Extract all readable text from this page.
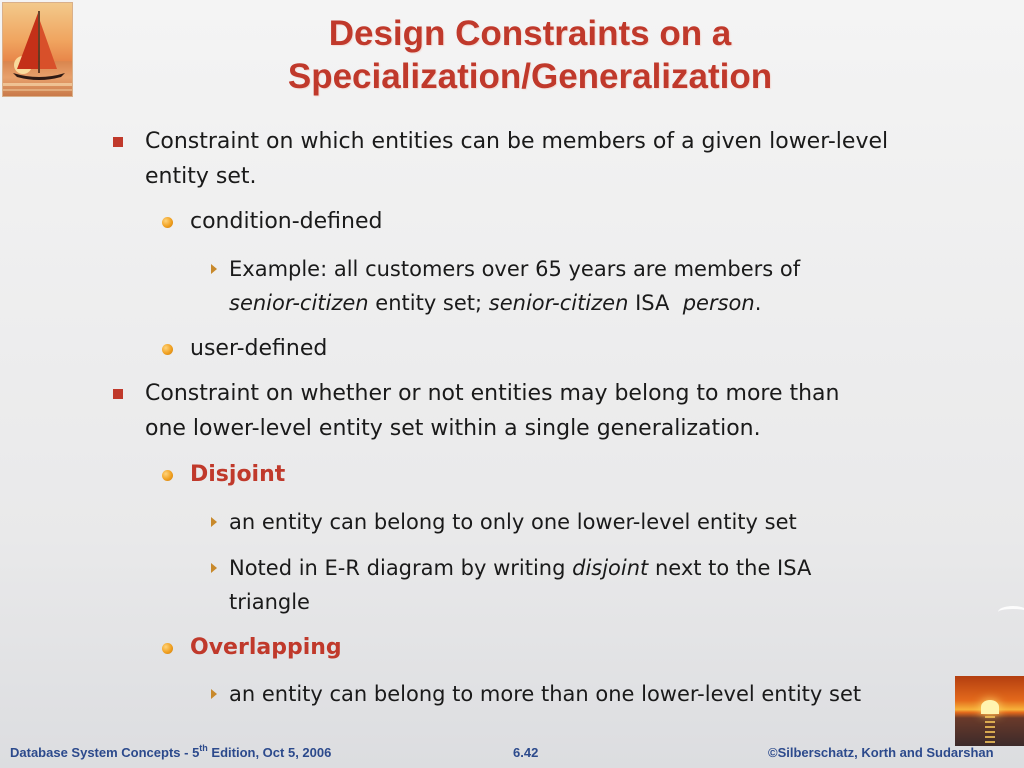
Design Constraints on a
Specialization/Generalization
Constraint on which entities can be members of a given lower-level
entity set.
condition-defined
Example: all customers over 65 years are members of
senior-citizen entity set; senior-citizen ISA  person.
user-defined
Constraint on whether or not entities may belong to more than
one lower-level entity set within a single generalization.
Disjoint
an entity can belong to only one lower-level entity set
Noted in E-R diagram by writing disjoint next to the ISA
triangle
Overlapping
an entity can belong to more than one lower-level entity set
Database System Concepts - 5th Edition, Oct 5, 2006	6.42	©Silberschatz, Korth and Sudarshan
